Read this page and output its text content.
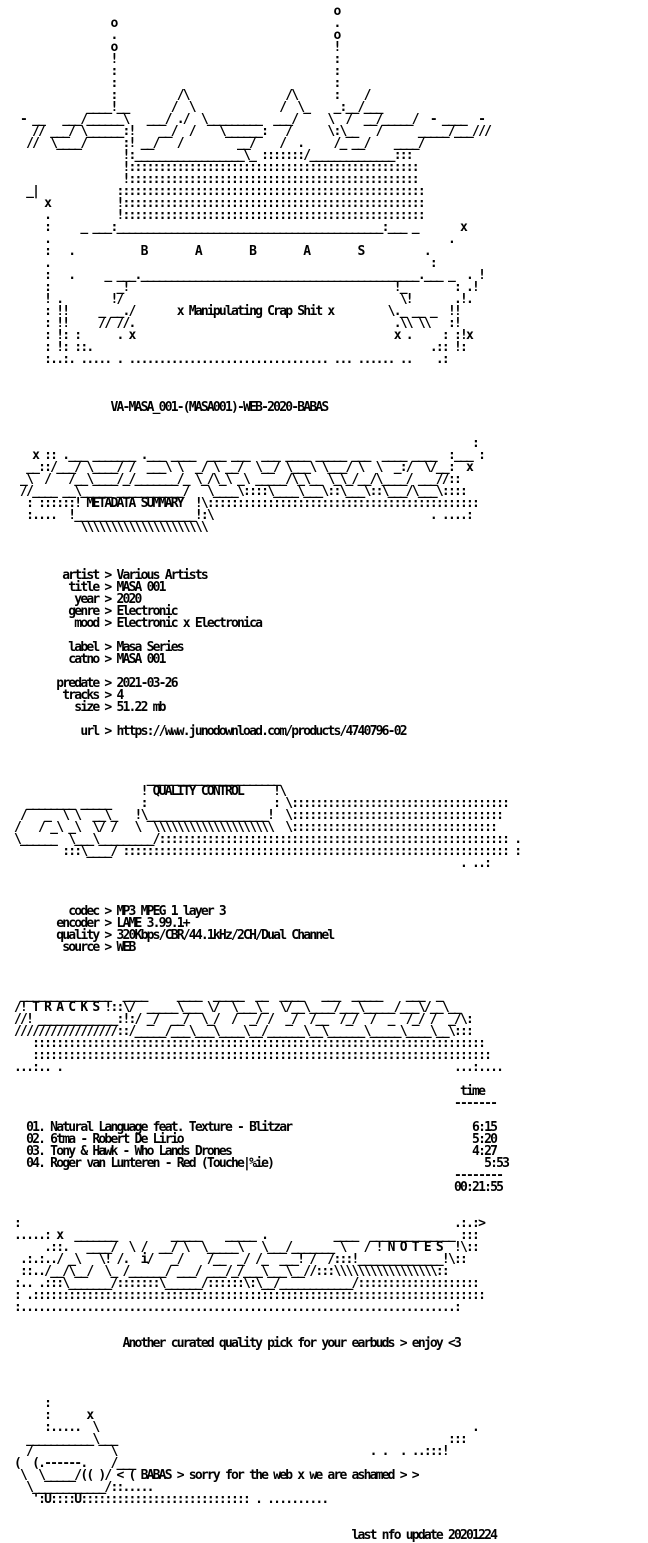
o
o                                    .
.                                    o
o                                    !
!                                    :
:                                    :
:                                    :
:          /\                /\      :    /
____!__       /  \              /  \_    _:__/___
- __   ___/______\   ___/ ./  \_________  ___/     \  /  __/_____/  - ____  -
// ___/ \______:!    __/  /    \______:   /      \:\__   /      _____/___///
//  \____/      :! __/   /         __/    /  .     /_ __/    ____/
!:__________________\_ :::::::/______________:::
!::::::::::::::::::::::::::::::::::::::::::::::::
!::::::::::::::::::::::::::::::::::::::::::::::::
_|             :::::::::::::::::::::::::::::::::::::::::::::::::::
x           !::::::::::::::::::::::::::::::::::::::::::::::::::
.           !::::::::::::::::::::::::::::::::::::::::::::::::::
:     _ ___:____________________________________________:___ _       x
.                                                                  .
:   .           B        A        B        A        S          .
.                                                               :
:   .     _ ___.______________________________________________.___ _  . !
:           _!                                            !_        : .!
! .        !/                                              \!       .!.
: !!     _ __./       x Manipulating Crap Shit x         \._ __ _  !!
: !!     // //.                                           .\\ \\   :!
: !: :      . x                                           x .     : :!x
: !: ::.                                                        .:: !:
:..:. ..... . ................................. ... ...... ..    .:
VA-MASA_001-(MASA001)-WEB-2020-BABAS
:
x :: .___ _______ .___ ____  ___ ___  ___ ____ _____ ___  ____ ____  :___ :
__::/___/ \____/ /  ___\ \  _/ \ __/  \__/ \___\ \___/ \  \  _:/  \/__:  x
_\  /   /__\____/_/_______/_ \_/\_\ _\ _____/\_\__ \_\_/__/\____/ ___//::
//____ __\_____ ___________/   \____\::::\____\___\::\___\::\___/\___\::::
: ::::::! METADATA SUMMARY  !\:::::::::::::::::::::::::::::::::::::::::::::
:....  !____________________!:\                                    . ....:
\\\\\\\\\\\\\\\\\\\\\
artist > Various Artists
title > MASA 001
year > 2020
genre > Electronic
mood > Electronic x Electronica
label > Masa Series
catno > MASA 001
predate > 2021-03-26
tracks > 4
size > 51.22 mb
url > https://www.junodownload.com/products/4740796-02
______________________
! QUALITY CONTROL     !\
________ _____     :                     : \::::::::::::::::::::::::::::::::::::
/   _  \ \  __\_   !\____________________!  \:::::::::::::::::::::::::::::::::::
/   / _\ _\  \/ /   \  \\\\\\\\\\\\\\\\\\\\  \::::::::::::::::::::::::::::::::::
\______  \___\_________/:::::::::::::::::::::::::::::::::::::::::::::::::::::::::: .
:::\____/ :::::::::::::::::::::::::::::::::::::::::::::::::::::::::::::::: :
. ..:
codec > MP3 MPEG 1 layer 3
encoder > LAME 3.99.1+
quality > 320Kbps/CBR/44.1kHz/2CH/Dual Channel
source > WEB
_______________  ____     ____  _____  __  ____   ___  _____    ___  _
/! T R A C K S !::\/  _____\___ \/  \___\_  \/__\____/___\_____/___\/__\__
//! _____________:!:/ _/  __/  \_/  /  _/ /  _/  /__  /_/  /  _  /_/ /  _/\:
/////////////////::/_____/___\___\____\__/______\__\______\_____\____\__\:::
:::::::::::::::::::::::::::::::::::::::::::::::::::::::::::::::::::::::::::
::::::::::::::::::::::::::::::::::::::::::::::::::::::::::::::::::::::::::::
...:.. .                                                                 ...:....
time
-------
01. Natural Language feat. Texture - Blitzar                              6:15
02. 6tma - Robert De Lirio                                                5:20
03. Tony & Hawk - Who Lands Drones                                        4:27
04. Roger van Lunteren - Red (Touche|%ie)                                   5:53
--------
00:21:55
:                                                                        .:.:>
.....: x  _______         _____    _____ .           ____  ______________ :::
.::.   ____/  \ /  __/ \  \_____\   \___/_______ \   / ! N O T E S  !\::
.:.:../ _\   \! /.  i/   _/    /__  _/ /_  ___! /  /:::!______________!\::
::../__/\__/  \_ /______/ ___/ ___/_/___\___\__//:::\\\\\\\\\\\\\\\\\::
:.. .:::\_______/:::::::\______/::::::\:\__/____________/::::::::::::::::::::
: .:::::::::::::::::::::::::::::::::::::::::::::::::::::::::::::::::::::::::::
:........................................................................:
Another curated quality pick for your earbuds > enjoy <3
:
:      x
:.....  \                                                              .
___________\___                                                       :::
/             \                                          . .  . ..:::!
(  (.------.    /___
\  \_____/(( )/ < ( BABAS > sorry for the web x we are ashamed > >
\____________/::.....
':U::::U:::::::::::::::::::::::::::: . ..........
last nfo update 20201224
